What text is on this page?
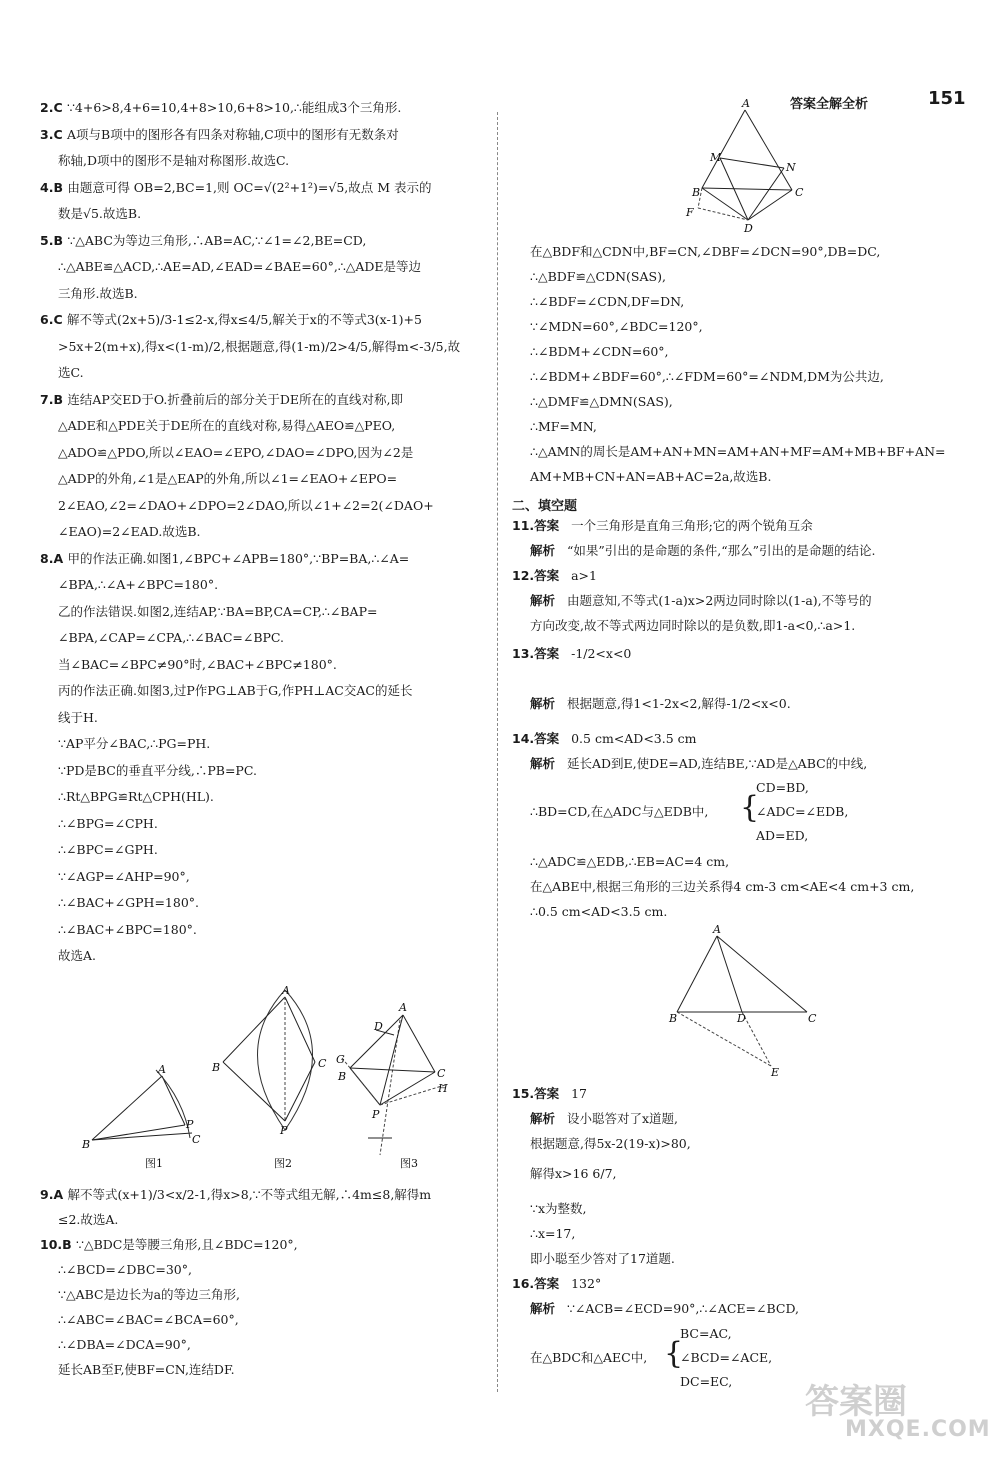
答案全解全析	151
2.C ∵4+6>8,4+6=10,4+8>10,6+8>10,∴能组成3个三角形.
3.C A项与B项中的图形各有四条对称轴,C项中的图形有无数条对
称轴,D项中的图形不是轴对称图形.故选C.
4.B 由题意可得 OB=2,BC=1,则 OC=√(2²+1²)=√5,故点 M 表示的
数是√5.故选B.
5.B ∵△ABC为等边三角形,∴AB=AC,∵∠1=∠2,BE=CD,
∴△ABE≌△ACD,∴AE=AD,∠EAD=∠BAE=60°,∴△ADE是等边
三角形.故选B.
6.C 解不等式(2x+5)/3-1≤2-x,得x≤4/5,解关于x的不等式3(x-1)+5
>5x+2(m+x),得x<(1-m)/2,根据题意,得(1-m)/2>4/5,解得m<-3/5,故
选C.
7.B 连结AP交ED于O.折叠前后的部分关于DE所在的直线对称,即
△ADE和△PDE关于DE所在的直线对称,易得△AEO≌△PEO,
△ADO≌△PDO,所以∠EAO=∠EPO,∠DAO=∠DPO,因为∠2是
△ADP的外角,∠1是△EAP的外角,所以∠1=∠EAO+∠EPO=
2∠EAO,∠2=∠DAO+∠DPO=2∠DAO,所以∠1+∠2=2(∠DAO+
∠EAO)=2∠EAD.故选B.
8.A 甲的作法正确.如图1,∠BPC+∠APB=180°,∵BP=BA,∴∠A=
∠BPA,∴∠A+∠BPC=180°.
乙的作法错误.如图2,连结AP,∵BA=BP,CA=CP,∴∠BAP=
∠BPA,∠CAP=∠CPA,∴∠BAC=∠BPC.
当∠BAC=∠BPC≠90°时,∠BAC+∠BPC≠180°.
丙的作法正确.如图3,过P作PG⊥AB于G,作PH⊥AC交AC的延长
线于H.
∵AP平分∠BAC,∴PG=PH.
∵PD是BC的垂直平分线,∴PB=PC.
∴Rt△BPG≌Rt△CPH(HL).
∴∠BPG=∠CPH.
∴∠BPC=∠GPH.
∵∠AGP=∠AHP=90°,
∴∠BAC+∠GPH=180°.
∴∠BAC+∠BPC=180°.
故选A.
A
B
P
C
图1
A
B	C
P
图2
A
D
G
B	C
H
P
图3
9.A 解不等式(x+1)/3<x/2-1,得x>8,∵不等式组无解,∴4m≤8,解得m
≤2.故选A.
10.B ∵△BDC是等腰三角形,且∠BDC=120°,
∴∠BCD=∠DBC=30°,
∵△ABC是边长为a的等边三角形,
∴∠ABC=∠BAC=∠BCA=60°,
∴∠DBA=∠DCA=90°,
延长AB至F,使BF=CN,连结DF.
A
M
N
B	C
F
D
在△BDF和△CDN中,BF=CN,∠DBF=∠DCN=90°,DB=DC,
∴△BDF≌△CDN(SAS),
∴∠BDF=∠CDN,DF=DN,
∵∠MDN=60°,∠BDC=120°,
∴∠BDM+∠CDN=60°,
∴∠BDM+∠BDF=60°,∴∠FDM=60°=∠NDM,DM为公共边,
∴△DMF≌△DMN(SAS),
∴MF=MN,
∴△AMN的周长是AM+AN+MN=AM+AN+MF=AM+MB+BF+AN=
AM+MB+CN+AN=AB+AC=2a,故选B.
二、填空题
11.答案 一个三角形是直角三角形;它的两个锐角互余
解析 “如果”引出的是命题的条件,“那么”引出的是命题的结论.
12.答案 a>1
解析 由题意知,不等式(1-a)x>2两边同时除以(1-a),不等号的
方向改变,故不等式两边同时除以的是负数,即1-a<0,∴a>1.
13.答案 -1/2<x<0
解析 根据题意,得1<1-2x<2,解得-1/2<x<0.
14.答案 0.5 cm<AD<3.5 cm
解析 延长AD到E,使DE=AD,连结BE,∵AD是△ABC的中线,
∴BD=CD,在△ADC与△EDB中, {
CD=BD,
∠ADC=∠EDB,
AD=ED,
∴△ADC≌△EDB,∴EB=AC=4 cm,
在△ABE中,根据三角形的三边关系得4 cm-3 cm<AE<4 cm+3 cm,
∴0.5 cm<AD<3.5 cm.
A
B	D	C
E
15.答案 17
解析 设小聪答对了x道题,
根据题意,得5x-2(19-x)>80,
解得x>16 6/7,
∵x为整数,
∴x=17,
即小聪至少答对了17道题.
16.答案 132°
解析 ∵∠ACB=∠ECD=90°,∴∠ACE=∠BCD,
在△BDC和△AEC中, {
BC=AC,
∠BCD=∠ACE,
DC=EC,
答案圈
MXQE.COM
